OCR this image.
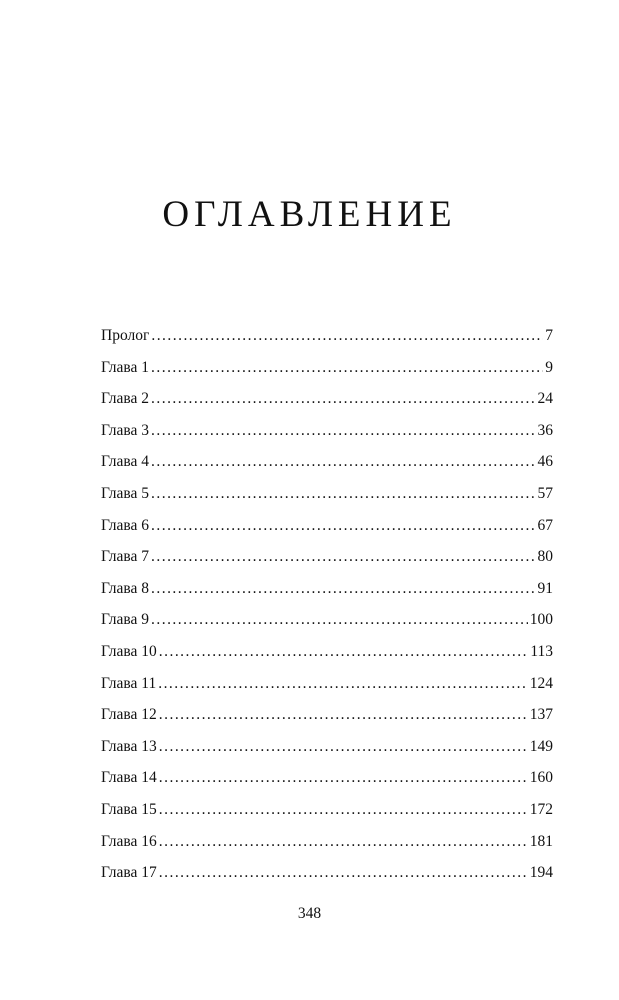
ОГЛАВЛЕНИЕ
Пролог . . .	7
Глава 1 . . .	9
Глава 2 . . .	24
Глава 3 . . .	36
Глава 4 . . .	46
Глава 5 . . .	57
Глава 6 . . .	67
Глава 7 . . .	80
Глава 8 . . .	91
Глава 9 . . .	100
Глава 10 . . .	113
Глава 11 . . .	124
Глава 12 . . .	137
Глава 13 . . .	149
Глава 14 . . .	160
Глава 15 . . .	172
Глава 16 . . .	181
Глава 17 . . .	194
348
